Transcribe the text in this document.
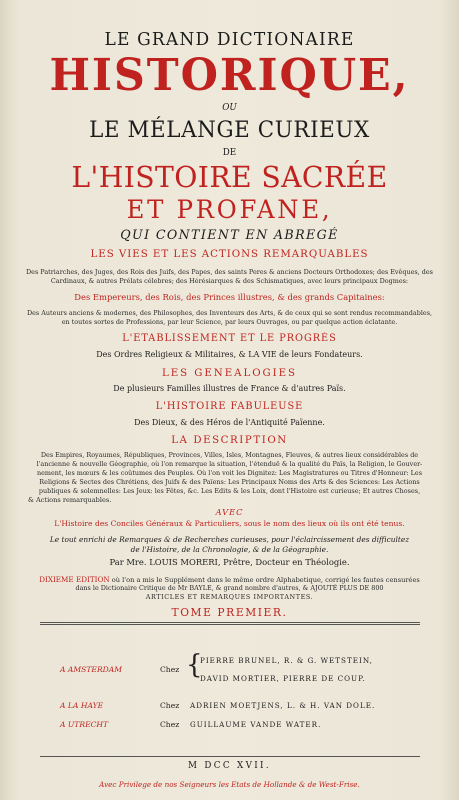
LE GRAND DICTIONAIRE
HISTORIQUE,
OU
LE MÉLANGE CURIEUX
DE
L'HISTOIRE SACRÉE
ET PROFANE,
QUI CONTIENT EN ABREGÉ
LES VIES ET LES ACTIONS REMARQUABLES
Des Patriarches, des Juges, des Rois des Juifs, des Papes, des saints Peres & anciens Docteurs Orthodoxes; des Evêques, des
Cardinaux, & autres Prélats célebres; des Hérésiarques & des Schismatiques, avec leurs principaux Dogmes:
Des Empereurs, des Rois, des Princes illustres, & des grands Capitaines:
Des Auteurs anciens & modernes, des Philosophes, des Inventeurs des Arts, & de ceux qui se sont rendus recommandables,
en toutes sortes de Professions, par leur Science, par leurs Ouvrages, ou par quelque action éclatante.
L'ETABLISSEMENT ET LE PROGRÉS
Des Ordres Religieux & Militaires, & LA VIE de leurs Fondateurs.
LES GENEALOGIES
De plusieurs Familles illustres de France & d'autres Païs.
L'HISTOIRE FABULEUSE
Des Dieux, & des Héros de l'Antiquité Païenne.
LA DESCRIPTION
Des Empires, Royaumes, Républiques, Provinces, Villes, Isles, Montagnes, Fleuves, & autres lieux considérables de
l'ancienne & nouvelle Géographie, où l'on remarque la situation, l'étenduë & la qualité du Païs, la Religion, le Gouver-
nement, les mœurs & les coûtumes des Peuples. Où l'on voit les Dignitez: Les Magistratures ou Titres d'Honneur: Les
Religions & Sectes des Chrétiens, des Juifs & des Païens: Les Principaux Noms des Arts & des Sciences: Les Actions
publiques & solemnelles: Les Jeux: les Fêtes, &c. Les Edits & les Loix, dont l'Histoire est curieuse; Et autres Choses,
& Actions remarquables.
AVEC
L'Histoire des Conciles Généraux & Particuliers, sous le nom des lieux où ils ont été tenus.
Le tout enrichi de Remarques & de Recherches curieuses, pour l'éclaircissement des difficultez
de l'Histoire, de la Chronologie, & de la Géographie.
Par Mre. LOUIS MORERI, Prêtre, Docteur en Théologie.
DIXIEME EDITION où l'on a mis le Supplément dans le même ordre Alphabetique, corrigé les fautes censurées
dans le Dictionaire Critique de Mr BAYLE, & grand nombre d'autres, & AJOUTÉ PLUS DE 800
ARTICLES ET REMARQUES IMPORTANTES.
TOME PREMIER.
A AMSTERDAM	Chez {
PIERRE BRUNEL, R. & G. WETSTEIN,
DAVID MORTIER, PIERRE DE COUP.
A LA HAYE	Chez ADRIEN MOETJENS, L. & H. VAN DOLE.
A UTRECHT	Chez GUILLAUME VANDE WATER.
M DCC XVII.
Avec Privilege de nos Seigneurs les Etats de Hollande & de West-Frise.
